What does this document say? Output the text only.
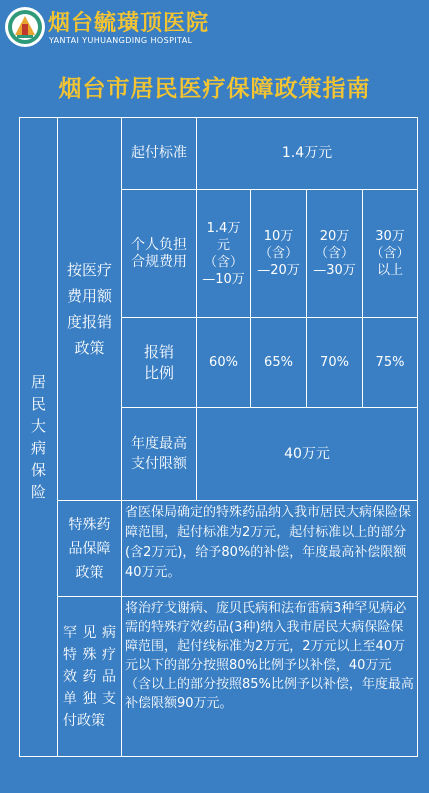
烟台毓璜顶医院
YANTAI YUHUANGDING HOSPITAL
烟台市居民医疗保障政策指南
居民大病保险	按医疗费用额度报销政策	起付标准	1.4万元			
		个人负担合规费用	1.4万元（含）—10万	10万（含）—20万	20万（含）—30万	30万（含）以上
		报销比例	60%	65%	70%	75%
		年度最高支付限额	40万元			
	特殊药品保障政策	省医保局确定的特殊药品纳入我市居民大病保险保障范围，起付标准为2万元，起付标准以上的部分(含2万元)，给予80%的补偿，年度最高补偿限额40万元。				
	罕见病特殊疗效药品单独支付政策	将治疗戈谢病、庞贝氏病和法布雷病3种罕见病必需的特殊疗效药品(3种)纳入我市居民大病保险保障范围，起付线标准为2万元，2万元以上至40万元以下的部分按照80%比例予以补偿，40万元（含以上的部分按照85%比例予以补偿，年度最高补偿限额90万元。				
